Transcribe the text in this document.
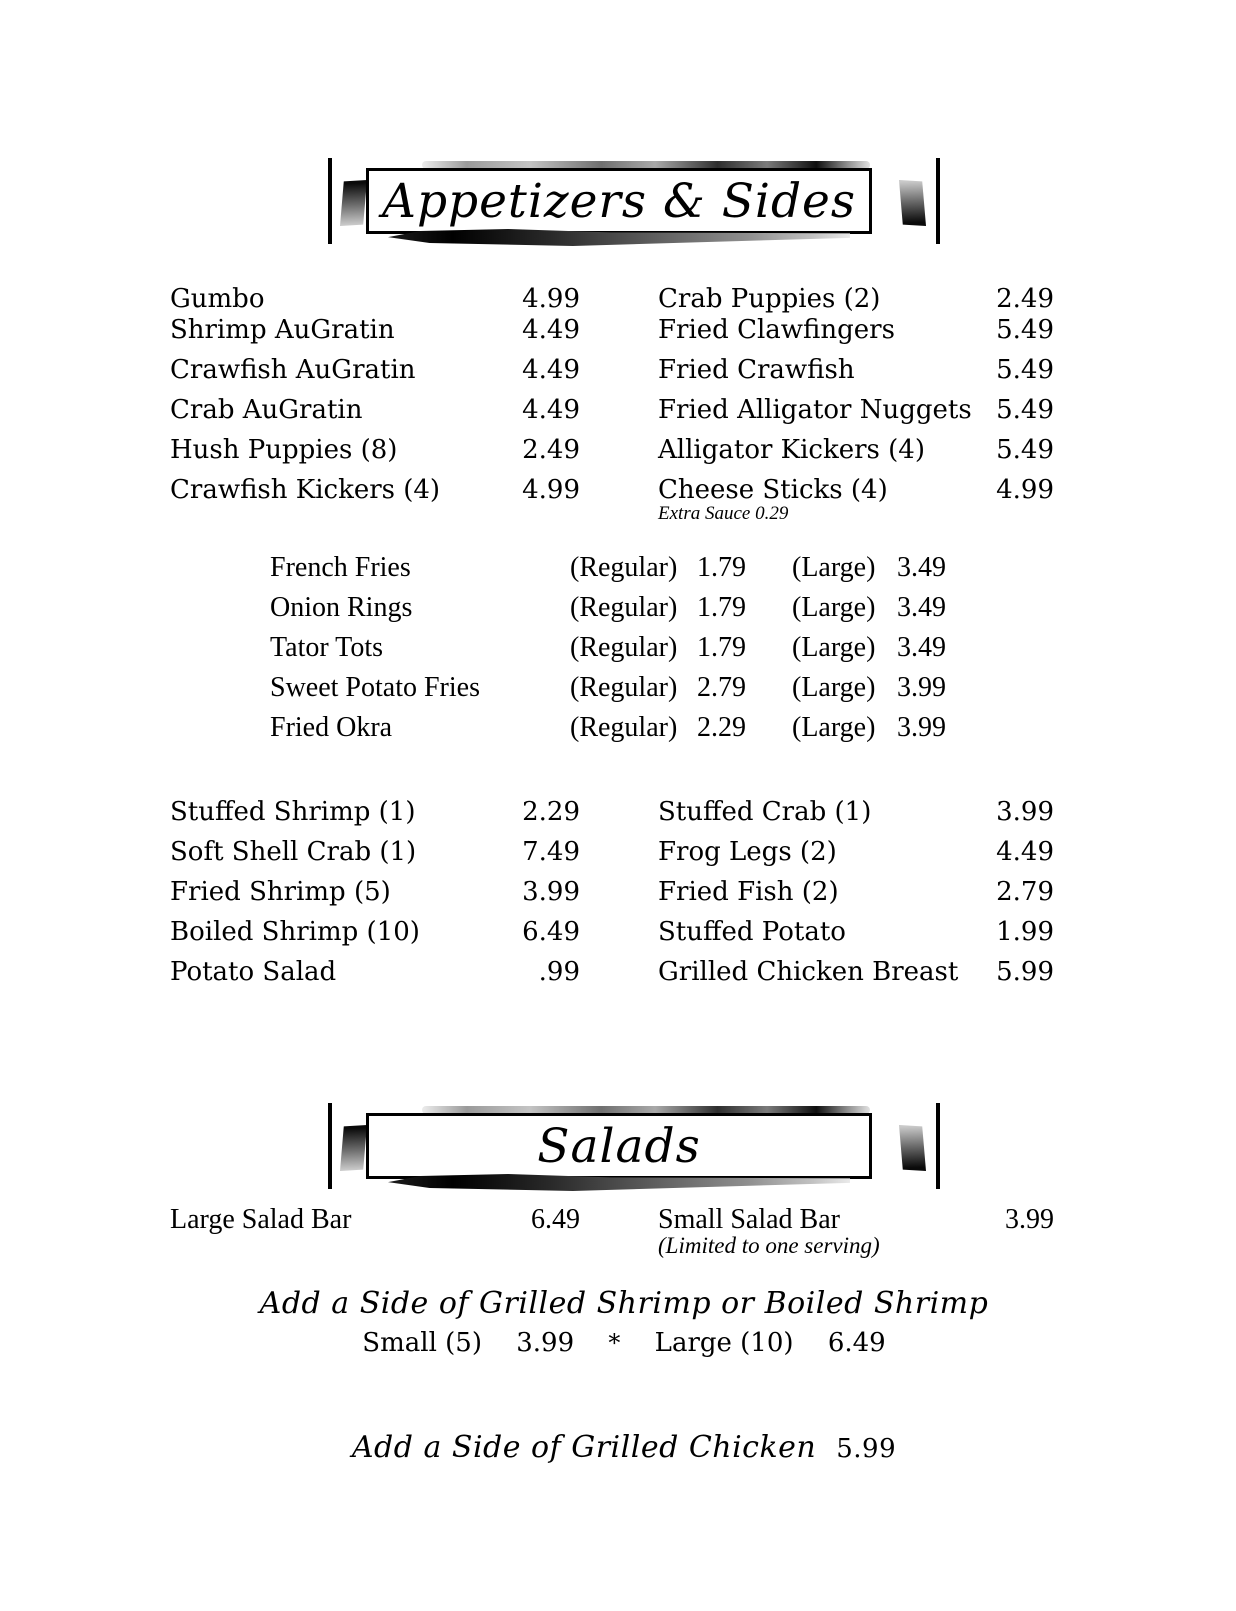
Appetizers & Sides
Gumbo	4.99	Crab Puppies (2)	2.49
Shrimp AuGratin	4.49	Fried Clawfingers	5.49
Crawfish AuGratin	4.49	Fried Crawfish	5.49
Crab AuGratin	4.49	Fried Alligator Nuggets 5.49
Hush Puppies (8)	2.49	Alligator Kickers (4)	5.49
Crawfish Kickers (4)	4.99	Cheese Sticks (4)	4.99
Extra Sauce 0.29
French Fries	(Regular) 1.79 (Large) 3.49
Onion Rings	(Regular) 1.79 (Large) 3.49
Tator Tots	(Regular) 1.79 (Large) 3.49
Sweet Potato Fries	(Regular) 2.79 (Large) 3.99
Fried Okra	(Regular) 2.29 (Large) 3.99
Stuffed Shrimp (1)	2.29	Stuffed Crab (1)	3.99
Soft Shell Crab (1)	7.49	Frog Legs (2)	4.49
Fried Shrimp (5)	3.99	Fried Fish (2)	2.79
Boiled Shrimp (10)	6.49	Stuffed Potato	1.99
Potato Salad	.99	Grilled Chicken Breast 5.99
Salads
Large Salad Bar	6.49	Small Salad Bar	3.99
(Limited to one serving)
Add a Side of Grilled Shrimp or Boiled Shrimp
Small (5) 3.99 * Large (10) 6.49
Add a Side of Grilled Chicken 5.99
